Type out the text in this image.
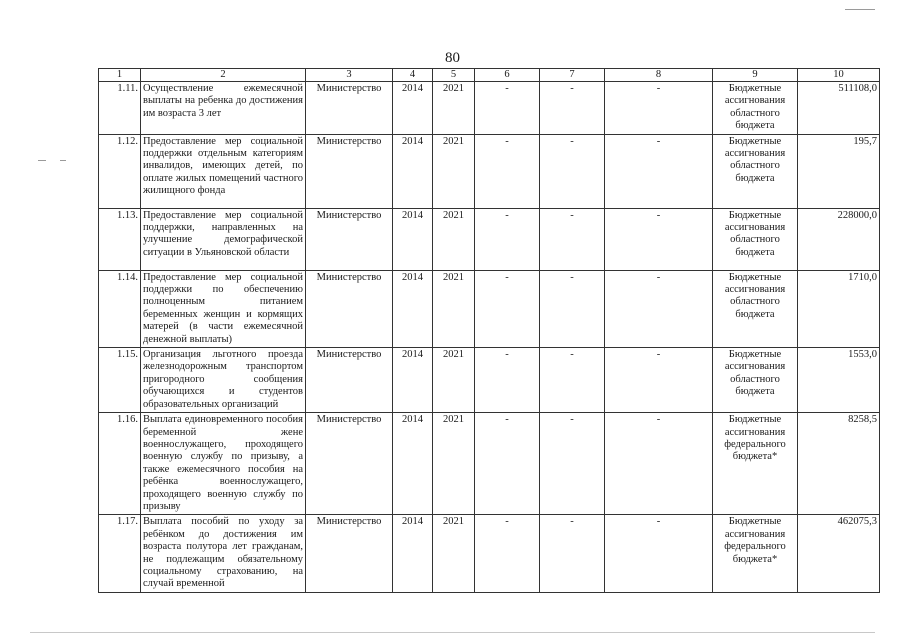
80
1	2	3	4	5	6	7	8	9	10
1.11.	Осуществление ежемесячной выплаты на ребенка до достижения им возраста 3 лет	Министерство	2014	2021	-	-	-	Бюджетные ассигнования областного бюджета	511108,0
1.12.	Предоставление мер социальной поддержки отдельным категориям инвалидов, имеющих детей, по оплате жилых помещений частного жилищного фонда	Министерство	2014	2021	-	-	-	Бюджетные ассигнования областного бюджета	195,7
1.13.	Предоставление мер социальной поддержки, направленных на улучшение демографической ситуации в Ульяновской области	Министерство	2014	2021	-	-	-	Бюджетные ассигнования областного бюджета	228000,0
1.14.	Предоставление мер социальной поддержки по обеспечению полноценным питанием беременных женщин и кормящих матерей (в части ежемесячной денежной выплаты)	Министерство	2014	2021	-	-	-	Бюджетные ассигнования областного бюджета	1710,0
1.15.	Организация льготного проезда железнодорожным транспортом пригородного сообщения обучающихся и студентов образовательных организаций	Министерство	2014	2021	-	-	-	Бюджетные ассигнования областного бюджета	1553,0
1.16.	Выплата единовременного пособия беременной жене военнослужащего, проходящего военную службу по призыву, а также ежемесячного пособия на ребёнка военнослужащего, проходящего военную службу по призыву	Министерство	2014	2021	-	-	-	Бюджетные ассигнования федерального бюджета*	8258,5
1.17.	Выплата пособий по уходу за ребёнком до достижения им возраста полутора лет гражданам, не подлежащим обязательному социальному страхованию, на случай временной	Министерство	2014	2021	-	-	-	Бюджетные ассигнования федерального бюджета*	462075,3
